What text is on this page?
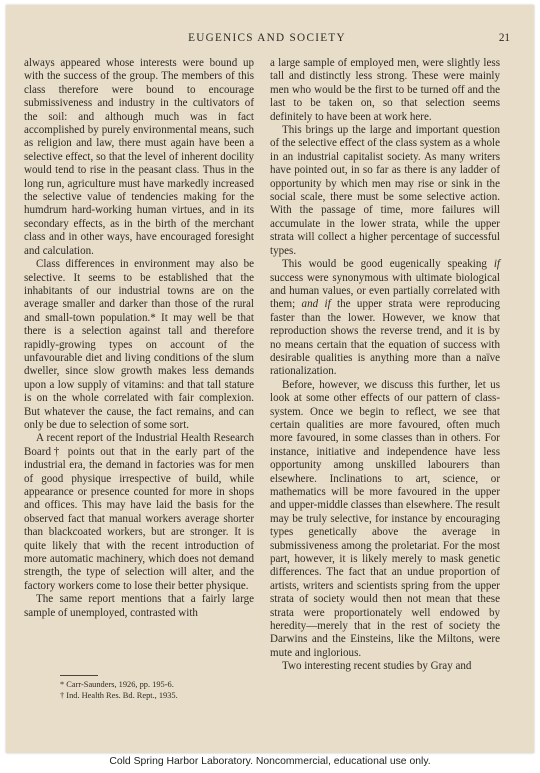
EUGENICS AND SOCIETY	21

always appeared whose interests were bound up with the success of the group. The members of this class therefore were bound to encourage submissiveness and industry in the cultivators of the soil: and although much was in fact accomplished by purely environmental means, such as religion and law, there must again have been a selective effect, so that the level of inherent docility would tend to rise in the peasant class. Thus in the long run, agriculture must have markedly increased the selective value of tendencies making for the humdrum hard-working human virtues, and in its secondary effects, as in the birth of the merchant class and in other ways, have encouraged foresight and calculation.

Class differences in environment may also be selective. It seems to be established that the inhabitants of our industrial towns are on the average smaller and darker than those of the rural and small-town population.* It may well be that there is a selection against tall and therefore rapidly-growing types on account of the unfavourable diet and living conditions of the slum dweller, since slow growth makes less demands upon a low supply of vitamins: and that tall stature is on the whole correlated with fair complexion. But whatever the cause, the fact remains, and can only be due to selection of some sort.

A recent report of the Industrial Health Research Board† points out that in the early part of the industrial era, the demand in factories was for men of good physique irrespective of build, while appearance or presence counted for more in shops and offices. This may have laid the basis for the observed fact that manual workers average shorter than blackcoated workers, but are stronger. It is quite likely that with the recent introduction of more automatic machinery, which does not demand strength, the type of selection will alter, and the factory workers come to lose their better physique.

The same report mentions that a fairly large sample of unemployed, contrasted with

a large sample of employed men, were slightly less tall and distinctly less strong. These were mainly men who would be the first to be turned off and the last to be taken on, so that selection seems definitely to have been at work here.

This brings up the large and important question of the selective effect of the class system as a whole in an industrial capitalist society. As many writers have pointed out, in so far as there is any ladder of opportunity by which men may rise or sink in the social scale, there must be some selective action. With the passage of time, more failures will accumulate in the lower strata, while the upper strata will collect a higher percentage of successful types.

This would be good eugenically speaking if success were synonymous with ultimate biological and human values, or even partially correlated with them; and if the upper strata were reproducing faster than the lower. However, we know that reproduction shows the reverse trend, and it is by no means certain that the equation of success with desirable qualities is anything more than a naïve rationalization.

Before, however, we discuss this further, let us look at some other effects of our pattern of class-system. Once we begin to reflect, we see that certain qualities are more favoured, often much more favoured, in some classes than in others. For instance, initiative and independence have less opportunity among unskilled labourers than elsewhere. Inclinations to art, science, or mathematics will be more favoured in the upper and upper-middle classes than elsewhere. The result may be truly selective, for instance by encouraging types genetically above the average in submissiveness among the proletariat. For the most part, however, it is likely merely to mask genetic differences. The fact that an undue proportion of artists, writers and scientists spring from the upper strata of society would then not mean that these strata were proportionately well endowed by heredity—merely that in the rest of society the Darwins and the Einsteins, like the Miltons, were mute and inglorious.

Two interesting recent studies by Gray and

* Carr-Saunders, 1926, pp. 195-6.
† Ind. Health Res. Bd. Rept., 1935.
Cold Spring Harbor Laboratory. Noncommercial, educational use only.
